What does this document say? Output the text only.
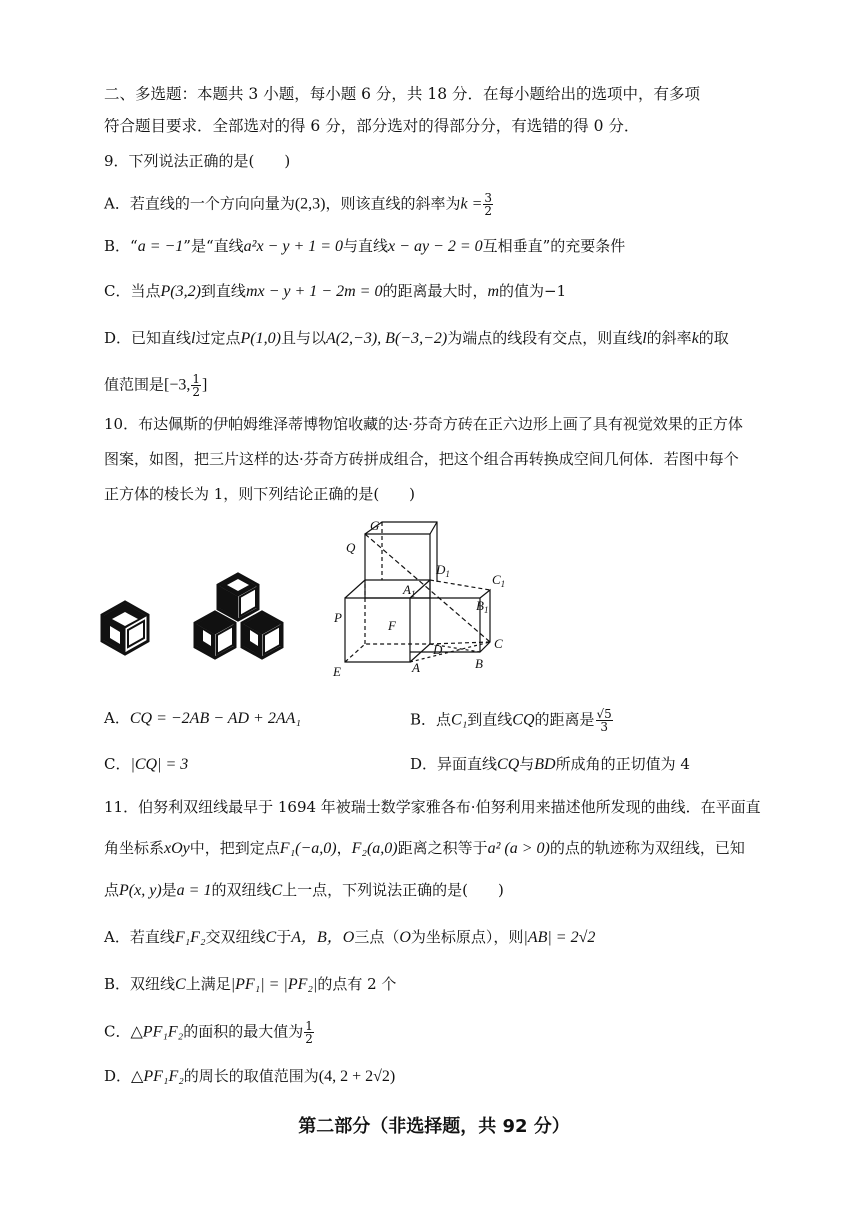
二、多选题：本题共 3 小题，每小题 6 分，共 18 分．在每小题给出的选项中，有多项
符合题目要求．全部选对的得 6 分，部分选对的得部分分，有选错的得 0 分．
9．下列说法正确的是(　　)
A．若直线的一个方向向量为(2,3)，则该直线的斜率为$k = \frac{3}{2}$
B．“a = −1”是“直线a²x − y + 1 = 0与直线x − ay − 2 = 0互相垂直”的充要条件
C．当点P(3,2)到直线mx − y + 1 − 2m = 0的距离最大时，m的值为−1
D．已知直线l过定点P(1,0)且与以A(2,−3), B(−3,−2)为端点的线段有交点，则直线l的斜率k的取
值范围是[−3, $\frac{1}{2}$ ]
10．布达佩斯的伊帕姆维泽蒂博物馆收藏的达·芬奇方砖在正六边形上画了具有视觉效果的正方体
图案，如图，把三片这样的达·芬奇方砖拼成组合，把这个组合再转换成空间几何体．若图中每个
正方体的棱长为 1，则下列结论正确的是(　　)
G
Q
$D_1$	$C_1$
$A_1$
$B_1$
P
F
D	C
E	A	B
A．CQ = −2AB − AD + 2AA₁	B．点C₁到直线CQ的距离是 $\frac{√5}{3}$
C．|CQ| = 3	D．异面直线CQ与BD所成角的正切值为 4
11．伯努利双纽线最早于 1694 年被瑞士数学家雅各布·伯努利用来描述他所发现的曲线．在平面直
角坐标系xOy中，把到定点F₁(−a,0)，F₂(a,0)距离之积等于a² (a > 0)的点的轨迹称为双纽线，已知
点P(x, y)是a = 1的双纽线C上一点，下列说法正确的是(　　)
A．若直线F₁F₂交双纽线C于A，B，O三点（O为坐标原点），则|AB| = 2√2
B．双纽线C上满足|PF₁| = |PF₂|的点有 2 个
C．△PF₁F₂的面积的最大值为 $\frac{1}{2}$
D．△PF₁F₂的周长的取值范围为(4, 2 + 2√2)
第二部分（非选择题，共 92 分）
